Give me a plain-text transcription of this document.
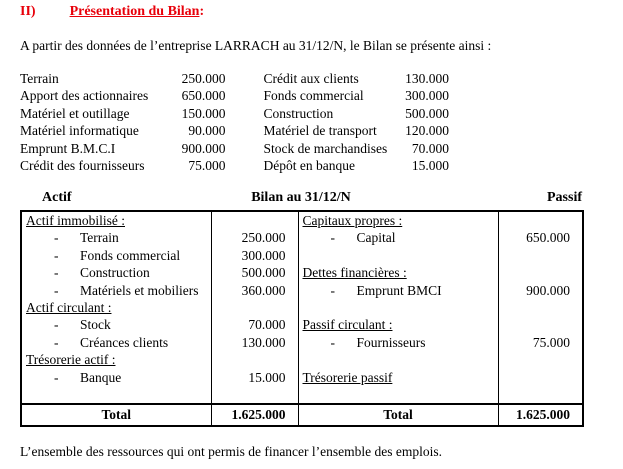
II) Présentation du Bilan:
A partir des données de l’entreprise LARRACH au 31/12/N, le Bilan se présente ainsi :
Terrain	250.000	Crédit aux clients	130.000
Apport des actionnaires	650.000	Fonds commercial	300.000
Matériel et outillage	150.000	Construction	500.000
Matériel informatique	90.000	Matériel de transport	120.000
Emprunt B.M.C.I	900.000	Stock de marchandises	70.000
Crédit des fournisseurs	75.000	Dépôt en banque	15.000
Actif	Bilan au 31/12/N	Passif
Actif immobilisé :		Capitaux propres :	
- Terrain	250.000	- Capital	650.000
- Fonds commercial	300.000		
- Construction	500.000	Dettes financières :	
- Matériels et mobiliers	360.000	- Emprunt BMCI	900.000
Actif circulant :			
- Stock	70.000	Passif circulant :	
- Créances clients	130.000	- Fournisseurs	75.000
Trésorerie actif :			
- Banque	15.000	Trésorerie passif	

Total	1.625.000	Total	1.625.000
L’ensemble des ressources qui ont permis de financer l’ensemble des emplois.
